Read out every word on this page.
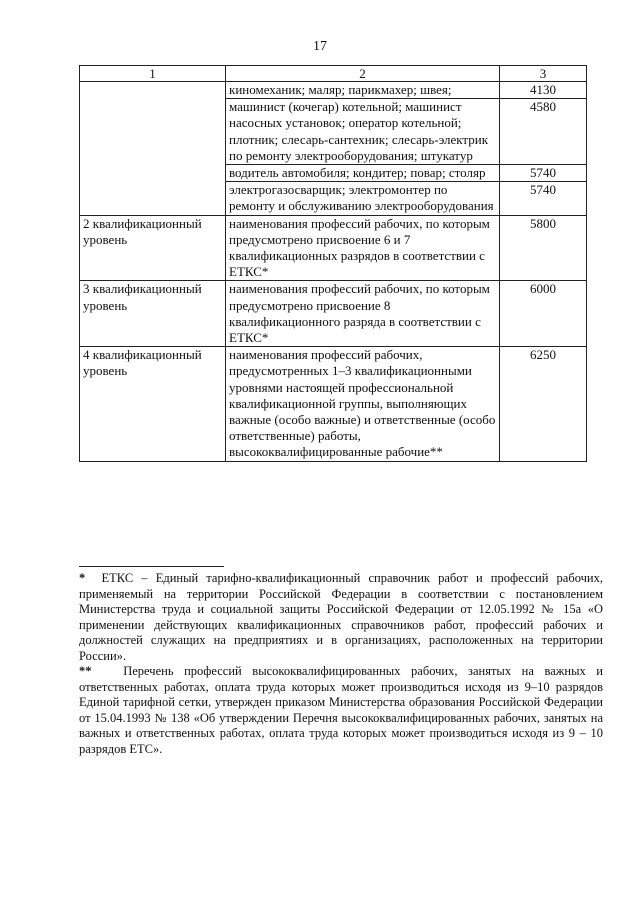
17
1	2	3
	киномеханик; маляр; парикмахер; швея;	4130
	машинист (кочегар) котельной; машинист насосных установок; оператор котельной; плотник; слесарь-сантехник; слесарь-электрик по ремонту электрооборудования; штукатур	4580
	водитель автомобиля; кондитер; повар; столяр	5740
	электрогазосварщик; электромонтер по ремонту и обслуживанию электрооборудования	5740
2 квалификационный уровень	наименования профессий рабочих, по которым предусмотрено присвоение 6 и 7 квалификационных разрядов в соответствии с ЕТКС*	5800
3 квалификационный уровень	наименования профессий рабочих, по которым предусмотрено присвоение 8 квалификационного разряда в соответствии с ЕТКС*	6000
4 квалификационный уровень	наименования профессий рабочих, предусмотренных 1–3 квалификационными уровнями настоящей профессиональной квалификационной группы, выполняющих важные (особо важные) и ответственные (особо ответственные) работы, высококвалифицированные рабочие**	6250

* ЕТКС – Единый тарифно-квалификационный справочник работ и профессий рабочих, применяемый на территории Российской Федерации в соответствии с постановлением Министерства труда и социальной защиты Российской Федерации от 12.05.1992 № 15а «О применении действующих квалификационных справочников работ, профессий рабочих и должностей служащих на предприятиях и в организациях, расположенных на территории России».

**	Перечень профессий высококвалифицированных рабочих, занятых на важных и ответственных работах, оплата труда которых может производиться исходя из 9–10 разрядов Единой тарифной сетки, утвержден приказом Министерства образования Российской Федерации от 15.04.1993 № 138 «Об утверждении Перечня высококвалифицированных рабочих, занятых на важных и ответственных работах, оплата труда которых может производиться исходя из 9 – 10 разрядов ЕТС».
